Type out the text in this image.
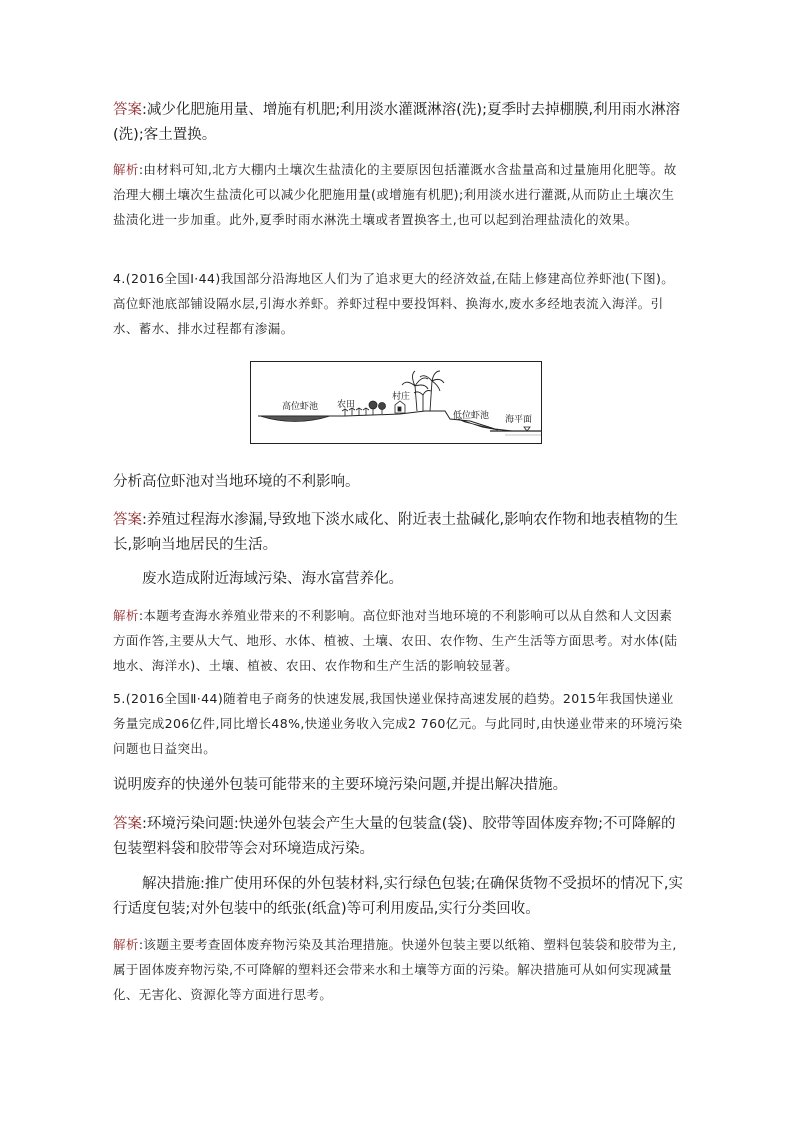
答案:减少化肥施用量、增施有机肥;利用淡水灌溉淋溶(洗);夏季时去掉棚膜,利用雨水淋溶(洗);客土置换。
解析:由材料可知,北方大棚内土壤次生盐渍化的主要原因包括灌溉水含盐量高和过量施用化肥等。故治理大棚土壤次生盐渍化可以减少化肥施用量(或增施有机肥);利用淡水进行灌溉,从而防止土壤次生盐渍化进一步加重。此外,夏季时雨水淋洗土壤或者置换客土,也可以起到治理盐渍化的效果。
4.(2016全国Ⅰ·44)我国部分沿海地区人们为了追求更大的经济效益,在陆上修建高位养虾池(下图)。高位虾池底部铺设隔水层,引海水养虾。养虾过程中要投饵料、换海水,废水多经地表流入海洋。引水、蓄水、排水过程都有渗漏。
高位虾池 农田
村庄
低位虾池 海平面
分析高位虾池对当地环境的不利影响。
答案:养殖过程海水渗漏,导致地下淡水咸化、附近表土盐碱化,影响农作物和地表植物的生长,影响当地居民的生活。
废水造成附近海域污染、海水富营养化。
解析:本题考查海水养殖业带来的不利影响。高位虾池对当地环境的不利影响可以从自然和人文因素方面作答,主要从大气、地形、水体、植被、土壤、农田、农作物、生产生活等方面思考。对水体(陆地水、海洋水)、土壤、植被、农田、农作物和生产生活的影响较显著。
5.(2016全国Ⅱ·44)随着电子商务的快速发展,我国快递业保持高速发展的趋势。2015年我国快递业务量完成206亿件,同比增长48%,快递业务收入完成2 760亿元。与此同时,由快递业带来的环境污染问题也日益突出。
说明废弃的快递外包装可能带来的主要环境污染问题,并提出解决措施。
答案:环境污染问题:快递外包装会产生大量的包装盒(袋)、胶带等固体废弃物;不可降解的包装塑料袋和胶带等会对环境造成污染。
解决措施:推广使用环保的外包装材料,实行绿色包装;在确保货物不受损坏的情况下,实行适度包装;对外包装中的纸张(纸盒)等可利用废品,实行分类回收。
解析:该题主要考查固体废弃物污染及其治理措施。快递外包装主要以纸箱、塑料包装袋和胶带为主,属于固体废弃物污染,不可降解的塑料还会带来水和土壤等方面的污染。解决措施可从如何实现减量化、无害化、资源化等方面进行思考。
